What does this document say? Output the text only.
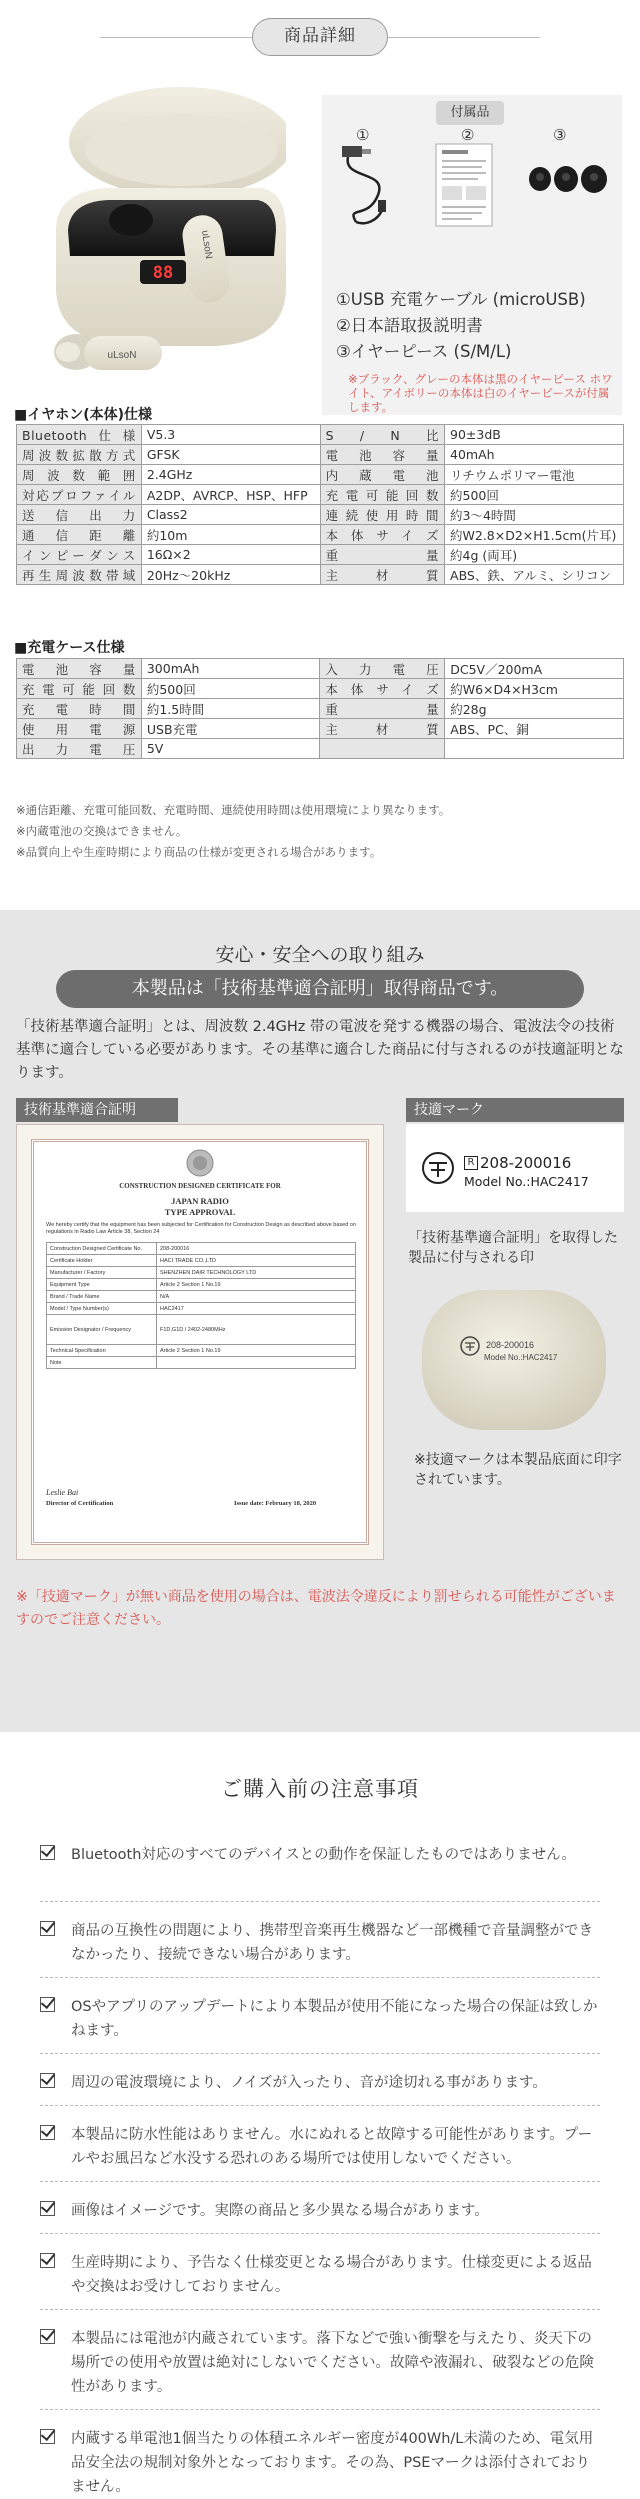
商品詳細
88
uLsoN
uLsoN
付属品
①	②	③
①USB 充電ケーブル (microUSB)
②日本語取扱説明書
③イヤーピース (S/M/L)
※ブラック、グレーの本体は黒のイヤーピース ホワイト、アイボリーの本体は白のイヤーピースが付属します。
■イヤホン(本体)仕様
Bluetooth仕様	V5.3	S / N 比	90±3dB
周波数拡散方式	GFSK	電池容量	40mAh
周波数範囲	2.4GHz	内蔵電池	リチウムポリマー電池
対応プロファイル	A2DP、AVRCP、HSP、HFP	充電可能回数	約500回
送信出力	Class2	連続使用時間	約3～4時間
通信距離	約10m	本体サイズ	約W2.8×D2×H1.5cm(片耳)
インピーダンス	16Ω×2	重量	約4g (両耳)
再生周波数帯域	20Hz～20kHz	主材質	ABS、鉄、アルミ、シリコン
■充電ケース仕様
電池容量	300mAh	入力電圧	DC5V／200mA
充電可能回数	約500回	本体サイズ	約W6×D4×H3cm
充電時間	約1.5時間	重量	約28g
使用電源	USB充電	主材質	ABS、PC、銅
出力電圧	5V		
※通信距離、充電可能回数、充電時間、連続使用時間は使用環境により異なります。
※内蔵電池の交換はできません。
※品質向上や生産時期により商品の仕様が変更される場合があります。
安心・安全への取り組み
本製品は「技術基準適合証明」取得商品です。
「技術基準適合証明」とは、周波数 2.4GHz 帯の電波を発する機器の場合、電波法令の技術基準に適合している必要があります。その基準に適合した商品に付与されるのが技適証明となります。
技術基準適合証明
CONSTRUCTION DESIGNED CERTIFICATE FOR
JAPAN RADIO
TYPE APPROVAL
We hereby certify that the equipment has been subjected for Certification for Construction Design as described above based on regulations in Radio Law Article 38, Section 24
Construction Designed Certificate No.	208-200016
Certificate Holder	HACI TRADE CO.,LTD
Manufacturer / Factory	SHENZHEN DAIR TECHNOLOGY LTD
Equipment Type	Article 2 Section 1 No.19
Brand / Trade Name	N/A
Model / Type Number(s)	HAC2417
Emission Designator / Frequency	F1D,G1D / 2402-2480MHz
Technical Specification	Article 2 Section 1 No.19
Note	
Leslie Bai
Director of Certification	Issue date: February 18, 2020
技適マーク
R 208-200016
Model No.:HAC2417
「技術基準適合証明」を取得した製品に付与される印
208-200016
Model No.:HAC2417
※技適マークは本製品底面に印字されています。
※「技適マーク」が無い商品を使用の場合は、電波法令違反により罰せられる可能性がございますのでご注意ください。
ご購入前の注意事項
Bluetooth対応のすべてのデバイスとの動作を保証したものではありません。
商品の互換性の問題により、携帯型音楽再生機器など一部機種で音量調整ができなかったり、接続できない場合があります。
OSやアプリのアップデートにより本製品が使用不能になった場合の保証は致しかねます。
周辺の電波環境により、ノイズが入ったり、音が途切れる事があります。
本製品に防水性能はありません。水にぬれると故障する可能性があります。プールやお風呂など水没する恐れのある場所では使用しないでください。
画像はイメージです。実際の商品と多少異なる場合があります。
生産時期により、予告なく仕様変更となる場合があります。仕様変更による返品や交換はお受けしておりません。
本製品には電池が内蔵されています。落下などで強い衝撃を与えたり、炎天下の場所での使用や放置は絶対にしないでください。故障や液漏れ、破裂などの危険性があります。
内蔵する単電池1個当たりの体積エネルギー密度が400Wh/L未満のため、電気用品安全法の規制対象外となっております。その為、PSEマークは添付されておりません。
